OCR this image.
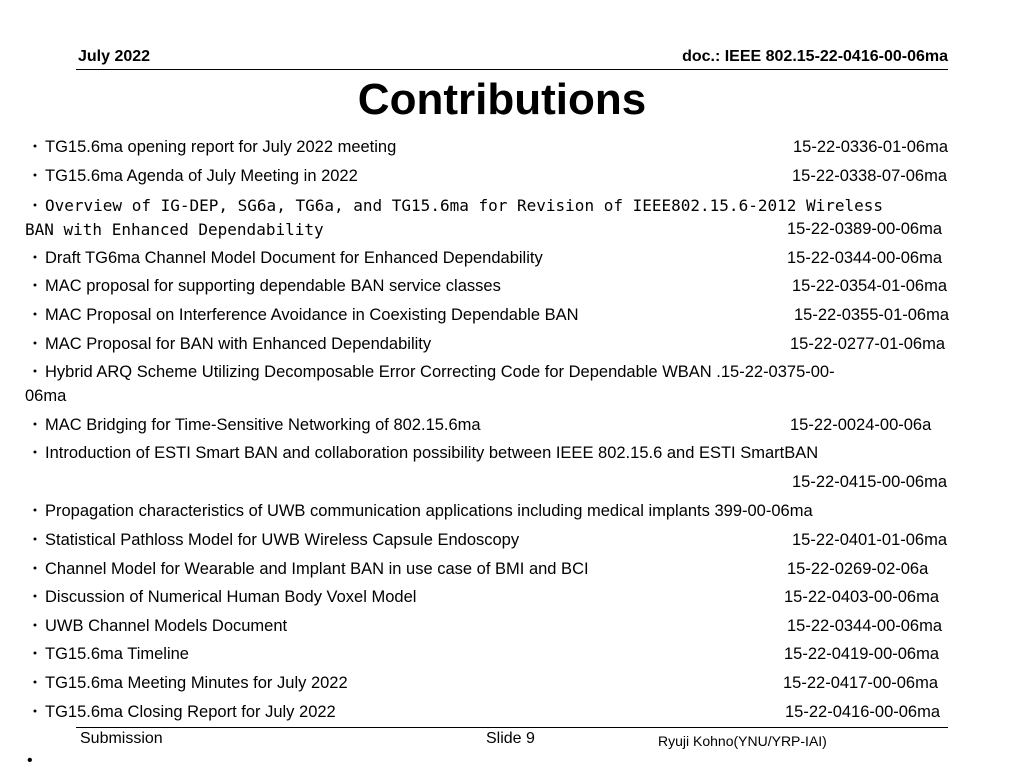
July 2022	doc.: IEEE 802.15-22-0416-00-06ma
Contributions
・ TG15.6ma opening report for July 2022 meeting	15-22-0336-01-06ma
・ TG15.6ma Agenda of July Meeting in 2022	15-22-0338-07-06ma
・ Overview of IG-DEP, SG6a, TG6a, and TG15.6ma for Revision of IEEE802.15.6-2012 Wireless
BAN with Enhanced Dependability	15-22-0389-00-06ma
・ Draft TG6ma Channel Model Document for Enhanced Dependability	15-22-0344-00-06ma
・ MAC proposal for supporting dependable BAN service classes	15-22-0354-01-06ma
・ MAC Proposal on Interference Avoidance in Coexisting Dependable BAN	15-22-0355-01-06ma
・ MAC Proposal for BAN with Enhanced Dependability	15-22-0277-01-06ma
・ Hybrid ARQ Scheme Utilizing Decomposable Error Correcting Code for Dependable WBAN .15-22-0375-00-
06ma
・ MAC Bridging for Time-Sensitive Networking of 802.15.6ma	15-22-0024-00-06a
・ Introduction of ESTI Smart BAN and collaboration possibility between IEEE 802.15.6 and ESTI SmartBAN
15-22-0415-00-06ma
・ Propagation characteristics of UWB communication applications including medical implants 399-00-06ma
・ Statistical Pathloss Model for UWB Wireless Capsule Endoscopy	15-22-0401-01-06ma
・ Channel Model for Wearable and Implant BAN in use case of BMI and BCI	15-22-0269-02-06a
・ Discussion of Numerical Human Body Voxel Model	15-22-0403-00-06ma
・ UWB Channel Models Document	15-22-0344-00-06ma
・ TG15.6ma Timeline	15-22-0419-00-06ma
・ TG15.6ma Meeting Minutes for July 2022	15-22-0417-00-06ma
・ TG15.6ma Closing Report for July 2022	15-22-0416-00-06ma
Submission	Slide 9	Ryuji Kohno(YNU/YRP-IAI)
•
